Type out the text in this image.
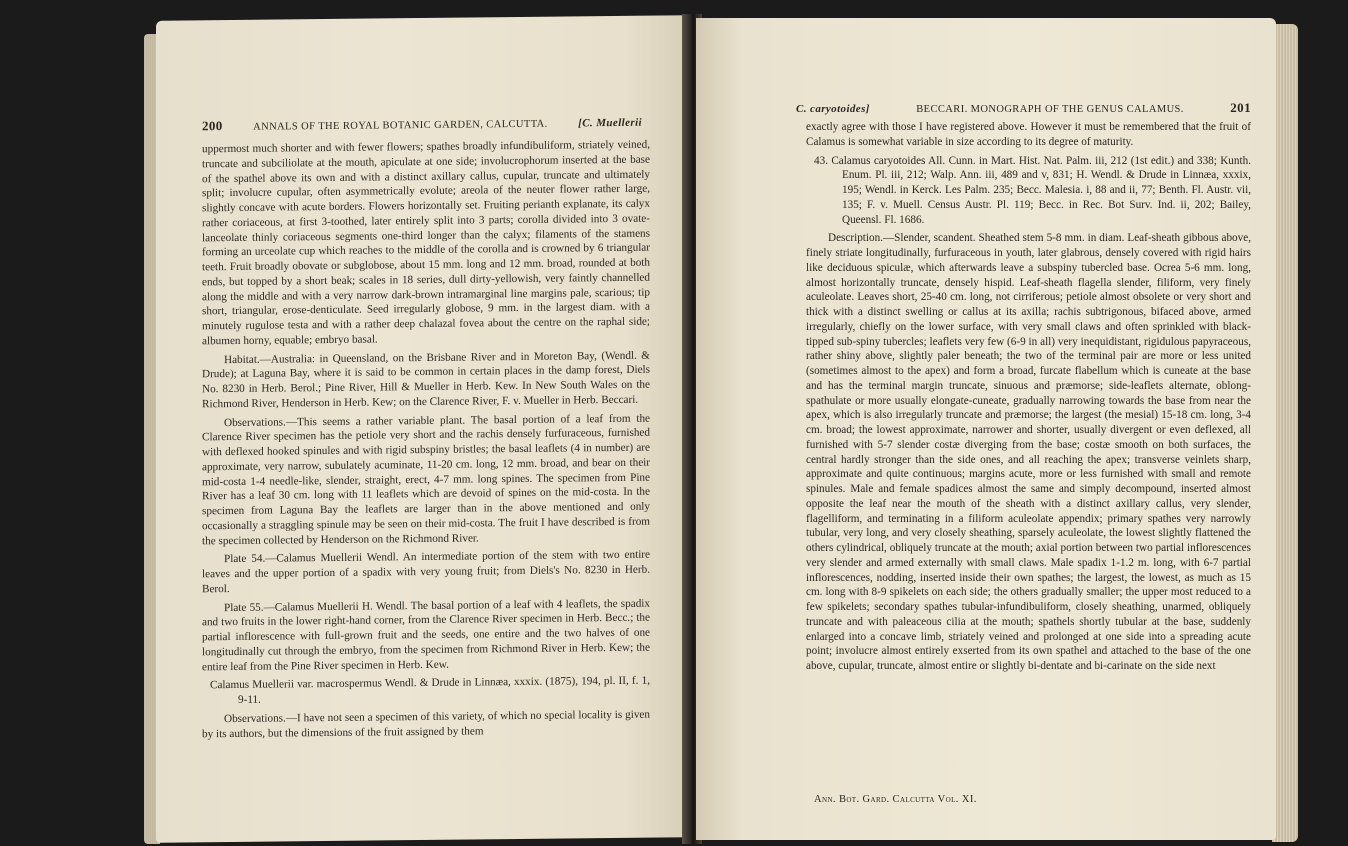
200	ANNALS OF THE ROYAL BOTANIC GARDEN, CALCUTTA.	[C. Muellerii

uppermost much shorter and with fewer flowers; spathes broadly infundibuliform, striately veined, truncate and subciliolate at the mouth, apiculate at one side; involucrophorum inserted at the base of the spathel above its own and with a distinct axillary callus, cupular, truncate and ultimately split; involucre cupular, often asymmetrically evolute; areola of the neuter flower rather large, slightly concave with acute borders. Flowers horizontally set. Fruiting perianth explanate, its calyx rather coriaceous, at first 3-toothed, later entirely split into 3 parts; corolla divided into 3 ovate-lanceolate thinly coriaceous segments one-third longer than the calyx; filaments of the stamens forming an urceolate cup which reaches to the middle of the corolla and is crowned by 6 triangular teeth. Fruit broadly obovate or subglobose, about 15 mm. long and 12 mm. broad, rounded at both ends, but topped by a short beak; scales in 18 series, dull dirty-yellowish, very faintly channelled along the middle and with a very narrow dark-brown intramarginal line margins pale, scarious; tip short, triangular, erose-denticulate. Seed irregularly globose, 9 mm. in the largest diam. with a minutely rugulose testa and with a rather deep chalazal fovea about the centre on the raphal side; albumen horny, equable; embryo basal.

Habitat.—Australia: in Queensland, on the Brisbane River and in Moreton Bay, (Wendl. & Drude); at Laguna Bay, where it is said to be common in certain places in the damp forest, Diels No. 8230 in Herb. Berol.; Pine River, Hill & Mueller in Herb. Kew. In New South Wales on the Richmond River, Henderson in Herb. Kew; on the Clarence River, F. v. Mueller in Herb. Beccari.

Observations.—This seems a rather variable plant. The basal portion of a leaf from the Clarence River specimen has the petiole very short and the rachis densely furfuraceous, furnished with deflexed hooked spinules and with rigid subspiny bristles; the basal leaflets (4 in number) are approximate, very narrow, subulately acuminate, 11-20 cm. long, 12 mm. broad, and bear on their mid-costa 1-4 needle-like, slender, straight, erect, 4-7 mm. long spines. The specimen from Pine River has a leaf 30 cm. long with 11 leaflets which are devoid of spines on the mid-costa. In the specimen from Laguna Bay the leaflets are larger than in the above mentioned and only occasionally a straggling spinule may be seen on their mid-costa. The fruit I have described is from the specimen collected by Henderson on the Richmond River.

Plate 54.—Calamus Muellerii Wendl. An intermediate portion of the stem with two entire leaves and the upper portion of a spadix with very young fruit; from Diels's No. 8230 in Herb. Berol.

Plate 55.—Calamus Muellerii H. Wendl. The basal portion of a leaf with 4 leaflets, the spadix and two fruits in the lower right-hand corner, from the Clarence River specimen in Herb. Becc.; the partial inflorescence with full-grown fruit and the seeds, one entire and the two halves of one longitudinally cut through the embryo, from the specimen from Richmond River in Herb. Kew; the entire leaf from the Pine River specimen in Herb. Kew.

Calamus Muellerii var. macrospermus Wendl. & Drude in Linnæa, xxxix. (1875), 194, pl. II, f. 1, 9-11.

Observations.—I have not seen a specimen of this variety, of which no special locality is given by its authors, but the dimensions of the fruit assigned by them

C. caryotoides]	BECCARI. MONOGRAPH OF THE GENUS CALAMUS.	201

exactly agree with those I have registered above. However it must be remembered that the fruit of Calamus is somewhat variable in size according to its degree of maturity.

43. Calamus caryotoides All. Cunn. in Mart. Hist. Nat. Palm. iii, 212 (1st edit.) and 338; Kunth. Enum. Pl. iii, 212; Walp. Ann. iii, 489 and v, 831; H. Wendl. & Drude in Linnæa, xxxix, 195; Wendl. in Kerck. Les Palm. 235; Becc. Malesia. i, 88 and ii, 77; Benth. Fl. Austr. vii, 135; F. v. Muell. Census Austr. Pl. 119; Becc. in Rec. Bot Surv. Ind. ii, 202; Bailey, Queensl. Fl. 1686.

Description.—Slender, scandent. Sheathed stem 5-8 mm. in diam. Leaf-sheath gibbous above, finely striate longitudinally, furfuraceous in youth, later glabrous, densely covered with rigid hairs like deciduous spiculæ, which afterwards leave a subspiny tubercled base. Ocrea 5-6 mm. long, almost horizontally truncate, densely hispid. Leaf-sheath flagella slender, filiform, very finely aculeolate. Leaves short, 25-40 cm. long, not cirriferous; petiole almost obsolete or very short and thick with a distinct swelling or callus at its axilla; rachis subtrigonous, bifaced above, armed irregularly, chiefly on the lower surface, with very small claws and often sprinkled with black-tipped sub-spiny tubercles; leaflets very few (6-9 in all) very inequidistant, rigidulous papyraceous, rather shiny above, slightly paler beneath; the two of the terminal pair are more or less united (sometimes almost to the apex) and form a broad, furcate flabellum which is cuneate at the base and has the terminal margin truncate, sinuous and præmorse; side-leaflets alternate, oblong-spathulate or more usually elongate-cuneate, gradually narrowing towards the base from near the apex, which is also irregularly truncate and præmorse; the largest (the mesial) 15-18 cm. long, 3-4 cm. broad; the lowest approximate, narrower and shorter, usually divergent or even deflexed, all furnished with 5-7 slender costæ diverging from the base; costæ smooth on both surfaces, the central hardly stronger than the side ones, and all reaching the apex; transverse veinlets sharp, approximate and quite continuous; margins acute, more or less furnished with small and remote spinules. Male and female spadices almost the same and simply decompound, inserted almost opposite the leaf near the mouth of the sheath with a distinct axillary callus, very slender, flagelliform, and terminating in a filiform aculeolate appendix; primary spathes very narrowly tubular, very long, and very closely sheathing, sparsely aculeolate, the lowest slightly flattened the others cylindrical, obliquely truncate at the mouth; axial portion between two partial inflorescences very slender and armed externally with small claws. Male spadix 1-1.2 m. long, with 6-7 partial inflorescences, nodding, inserted inside their own spathes; the largest, the lowest, as much as 15 cm. long with 8-9 spikelets on each side; the others gradually smaller; the upper most reduced to a few spikelets; secondary spathes tubular-infundibuliform, closely sheathing, unarmed, obliquely truncate and with paleaceous cilia at the mouth; spathels shortly tubular at the base, suddenly enlarged into a concave limb, striately veined and prolonged at one side into a spreading acute point; involucre almost entirely exserted from its own spathel and attached to the base of the one above, cupular, truncate, almost entire or slightly bi-dentate and bi-carinate on the side next

Ann. Bot. Gard. Calcutta Vol. XI.
